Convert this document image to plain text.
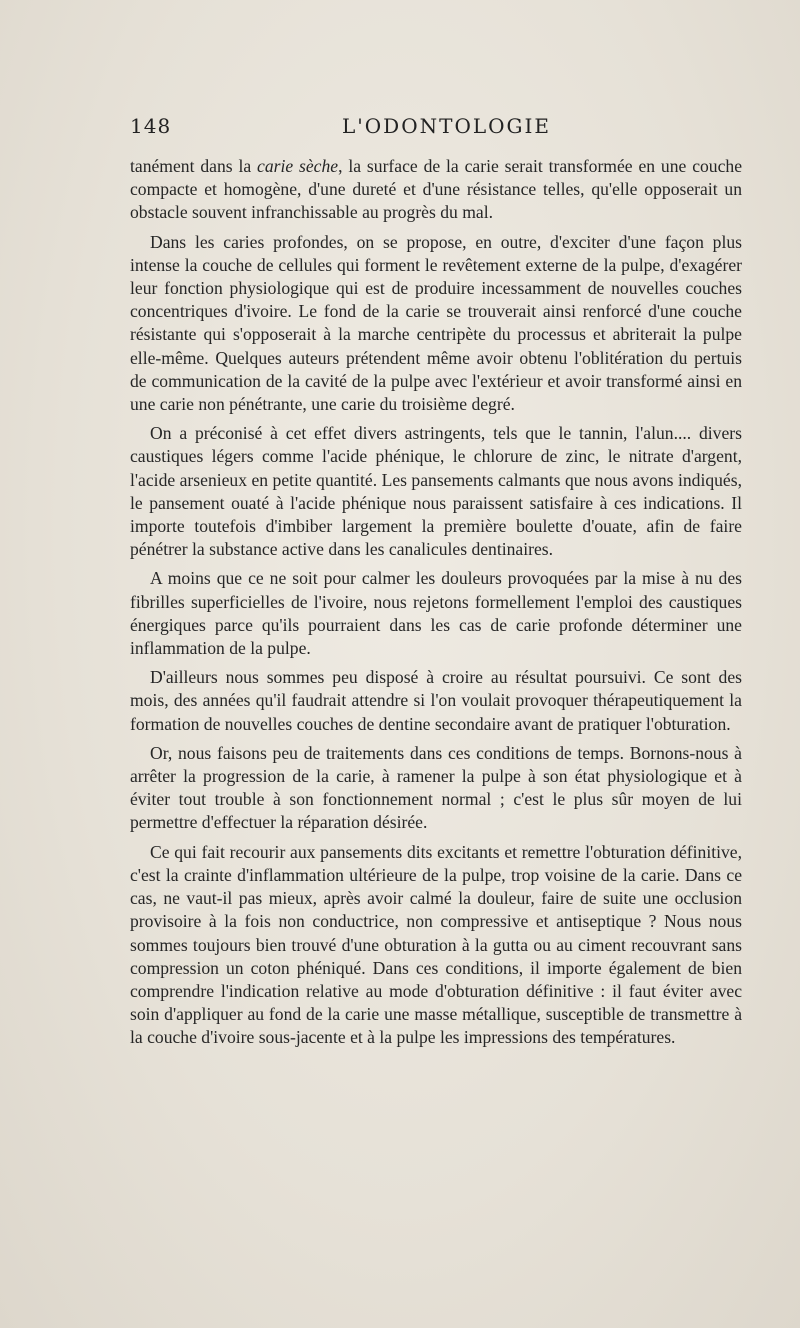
148	L'ODONTOLOGIE

tanément dans la carie sèche, la surface de la carie serait transformée en une couche compacte et homogène, d'une dureté et d'une résistance telles, qu'elle opposerait un obstacle souvent infranchissable au progrès du mal.

Dans les caries profondes, on se propose, en outre, d'exciter d'une façon plus intense la couche de cellules qui forment le revêtement externe de la pulpe, d'exagérer leur fonction physiologique qui est de produire incessamment de nouvelles couches concentriques d'ivoire. Le fond de la carie se trouverait ainsi renforcé d'une couche résistante qui s'opposerait à la marche centripète du processus et abriterait la pulpe elle-même. Quelques auteurs prétendent même avoir obtenu l'oblitération du pertuis de communication de la cavité de la pulpe avec l'extérieur et avoir transformé ainsi en une carie non pénétrante, une carie du troisième degré.

On a préconisé à cet effet divers astringents, tels que le tannin, l'alun.... divers caustiques légers comme l'acide phénique, le chlorure de zinc, le nitrate d'argent, l'acide arsenieux en petite quantité. Les pansements calmants que nous avons indiqués, le pansement ouaté à l'acide phénique nous paraissent satisfaire à ces indications. Il importe toutefois d'imbiber largement la première boulette d'ouate, afin de faire pénétrer la substance active dans les canalicules dentinaires.

A moins que ce ne soit pour calmer les douleurs provoquées par la mise à nu des fibrilles superficielles de l'ivoire, nous rejetons formellement l'emploi des caustiques énergiques parce qu'ils pourraient dans les cas de carie profonde déterminer une inflammation de la pulpe.

D'ailleurs nous sommes peu disposé à croire au résultat poursuivi. Ce sont des mois, des années qu'il faudrait attendre si l'on voulait provoquer thérapeutiquement la formation de nouvelles couches de dentine secondaire avant de pratiquer l'obturation.

Or, nous faisons peu de traitements dans ces conditions de temps. Bornons-nous à arrêter la progression de la carie, à ramener la pulpe à son état physiologique et à éviter tout trouble à son fonctionnement normal ; c'est le plus sûr moyen de lui permettre d'effectuer la réparation désirée.

Ce qui fait recourir aux pansements dits excitants et remettre l'obturation définitive, c'est la crainte d'inflammation ultérieure de la pulpe, trop voisine de la carie. Dans ce cas, ne vaut-il pas mieux, après avoir calmé la douleur, faire de suite une occlusion provisoire à la fois non conductrice, non compressive et antiseptique ? Nous nous sommes toujours bien trouvé d'une obturation à la gutta ou au ciment recouvrant sans compression un coton phéniqué. Dans ces conditions, il importe également de bien comprendre l'indication relative au mode d'obturation définitive : il faut éviter avec soin d'appliquer au fond de la carie une masse métallique, susceptible de transmettre à la couche d'ivoire sous-jacente et à la pulpe les impressions des températures.
